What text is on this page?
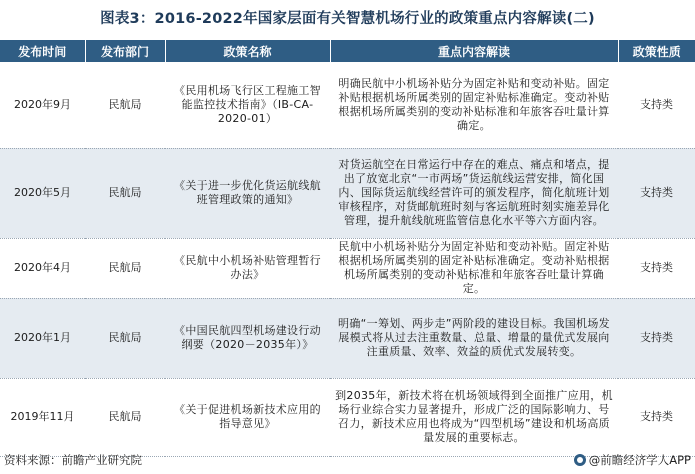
图表3：2016-2022年国家层面有关智慧机场行业的政策重点内容解读(二)
发布时间	发布部门	政策名称	重点内容解读	政策性质
2020年9月	民航局	《民用机场飞行区工程施工智能监控技术指南》（IB-CA-2020-01）	明确民航中小机场补贴分为固定补贴和变动补贴。固定补贴根据机场所属类别的固定补贴标准确定。变动补贴根据机场所属类别的变动补贴标准和年旅客吞吐量计算确定。	支持类
2020年5月	民航局	《关于进一步优化货运航线航班管理政策的通知》	对货运航空在日常运行中存在的难点、痛点和堵点，提出了放宽北京“一市两场”货运航线运营安排，简化国内、国际货运航线经营许可的颁发程序，简化航班计划审核程序，对货邮航班时刻与客运航班时刻实施差异化管理，提升航线航班监管信息化水平等六方面内容。	支持类
2020年4月	民航局	《民航中小机场补贴管理暂行办法》	民航中小机场补贴分为固定补贴和变动补贴。固定补贴根据机场所属类别的固定补贴标准确定。变动补贴根据机场所属类别的变动补贴标准和年旅客吞吐量计算确定。	支持类
2020年1月	民航局	《中国民航四型机场建设行动纲要（2020－2035年）》	明确“一筹划、两步走”两阶段的建设目标。我国机场发展模式将从过去注重数量、总量、增量的量优式发展向注重质量、效率、效益的质优式发展转变。	支持类
2019年11月	民航局	《关于促进机场新技术应用的指导意见》	到2035年，新技术将在机场领域得到全面推广应用，机场行业综合实力显著提升，形成广泛的国际影响力、号召力，新技术应用也将成为“四型机场”建设和机场高质量发展的重要标志。	支持类
资料来源：前瞻产业研究院	@前瞻经济学人APP
